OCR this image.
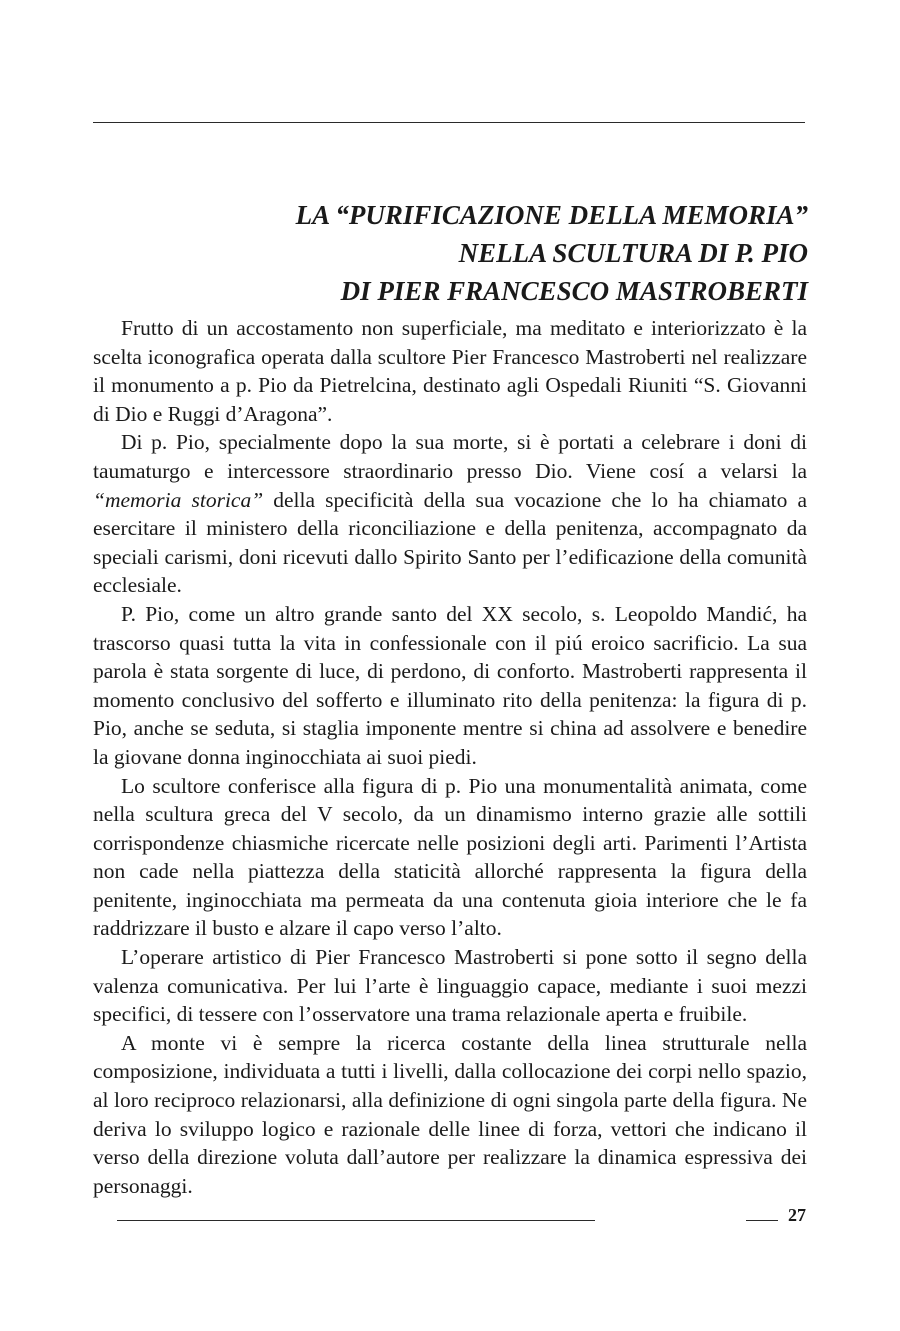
LA “PURIFICAZIONE DELLA MEMORIA”
NELLA SCULTURA DI P. PIO
DI PIER FRANCESCO MASTROBERTI

Frutto di un accostamento non superficiale, ma meditato e interiorizzato è la scelta iconografica operata dalla scultore Pier Francesco Mastroberti nel realizzare il monumento a p. Pio da Pietrelcina, destinato agli Ospedali Riuniti “S. Giovanni di Dio e Ruggi d’Aragona”.

Di p. Pio, specialmente dopo la sua morte, si è portati a celebrare i doni di taumaturgo e intercessore straordinario presso Dio. Viene cosí a velarsi la “memoria storica” della specificità della sua vocazione che lo ha chiamato a esercitare il ministero della riconciliazione e della penitenza, accompagnato da speciali carismi, doni ricevuti dallo Spirito Santo per l’edificazione della comunità ecclesiale.

P. Pio, come un altro grande santo del XX secolo, s. Leopoldo Mandić, ha trascorso quasi tutta la vita in confessionale con il piú eroico sacrificio. La sua parola è stata sorgente di luce, di perdono, di conforto. Mastroberti rappresenta il momento conclusivo del sofferto e illuminato rito della penitenza: la figura di p. Pio, anche se seduta, si staglia imponente mentre si china ad assolvere e benedire la giovane donna inginocchiata ai suoi piedi.

Lo scultore conferisce alla figura di p. Pio una monumentalità animata, come nella scultura greca del V secolo, da un dinamismo interno grazie alle sottili corrispondenze chiasmiche ricercate nelle posizioni degli arti. Parimenti l’Artista non cade nella piattezza della staticità allorché rappresenta la figura della penitente, inginocchiata ma permeata da una contenuta gioia interiore che le fa raddrizzare il busto e alzare il capo verso l’alto.

L’operare artistico di Pier Francesco Mastroberti si pone sotto il segno della valenza comunicativa. Per lui l’arte è linguaggio capace, mediante i suoi mezzi specifici, di tessere con l’osservatore una trama relazionale aperta e fruibile.

A monte vi è sempre la ricerca costante della linea strutturale nella composizione, individuata a tutti i livelli, dalla collocazione dei corpi nello spazio, al loro reciproco relazionarsi, alla definizione di ogni singola parte della figura. Ne deriva lo sviluppo logico e razionale delle linee di forza, vettori che indicano il verso della direzione voluta dall’autore per realizzare la dinamica espressiva dei personaggi.

27
